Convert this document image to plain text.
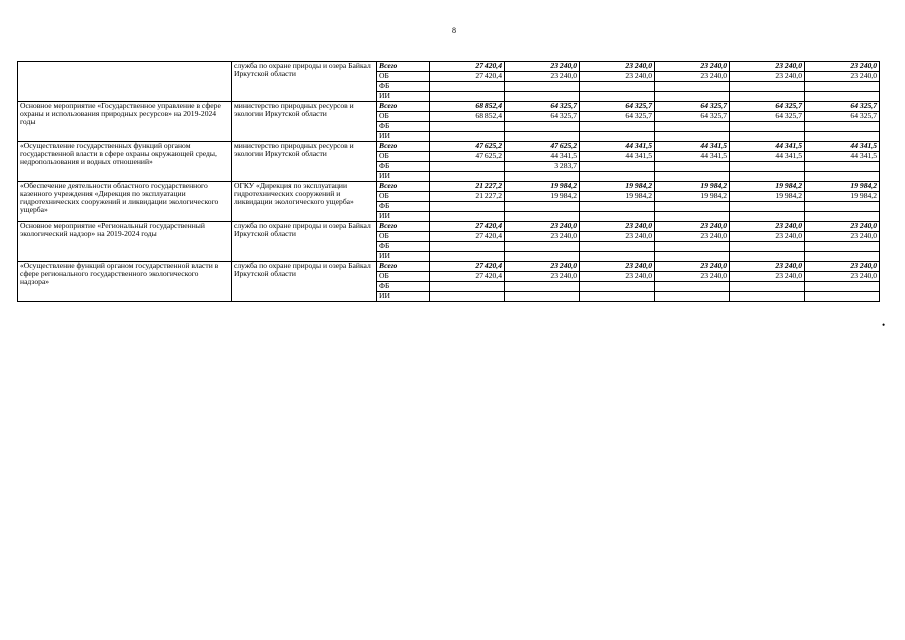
8
	служба по охране природы и озера Байкал Иркутской области	Всего	27 420,4	23 240,0	23 240,0	23 240,0	23 240,0	23 240,0
		ОБ	27 420,4	23 240,0	23 240,0	23 240,0	23 240,0	23 240,0
		ФБ						
		ИИ						
Основное мероприятие «Государственное управление в сфере охраны и использования природных ресурсов» на 2019-2024 годы	министерство природных ресурсов и экологии Иркутской области	Всего	68 852,4	64 325,7	64 325,7	64 325,7	64 325,7	64 325,7
		ОБ	68 852,4	64 325,7	64 325,7	64 325,7	64 325,7	64 325,7
		ФБ						
		ИИ						
«Осуществление государственных функций органом государственной власти в сфере охраны окружающей среды, недропользования и водных отношений»	министерство природных ресурсов и экологии Иркутской области	Всего	47 625,2	47 625,2	44 341,5	44 341,5	44 341,5	44 341,5
		ОБ	47 625,2	44 341,5	44 341,5	44 341,5	44 341,5	44 341,5
		ФБ		3 283,7				
		ИИ						
«Обеспечение деятельности областного государственного казенного учреждения «Дирекция по эксплуатации гидротехнических сооружений и ликвидации экологического ущерба»	ОГКУ «Дирекция по эксплуатации гидротехнических сооружений и ликвидации экологического ущерба»	Всего	21 227,2	19 984,2	19 984,2	19 984,2	19 984,2	19 984,2
		ОБ	21 227,2	19 984,2	19 984,2	19 984,2	19 984,2	19 984,2
		ФБ						
		ИИ						
Основное мероприятие «Региональный государственный экологический надзор» на 2019-2024 годы	служба по охране природы и озера Байкал Иркутской области	Всего	27 420,4	23 240,0	23 240,0	23 240,0	23 240,0	23 240,0
		ОБ	27 420,4	23 240,0	23 240,0	23 240,0	23 240,0	23 240,0
		ФБ						
		ИИ						
«Осуществление функций органом государственной власти в сфере регионального государственного экологического надзора»	служба по охране природы и озера Байкал Иркутской области	Всего	27 420,4	23 240,0	23 240,0	23 240,0	23 240,0	23 240,0
		ОБ	27 420,4	23 240,0	23 240,0	23 240,0	23 240,0	23 240,0
		ФБ						
		ИИ						
•
